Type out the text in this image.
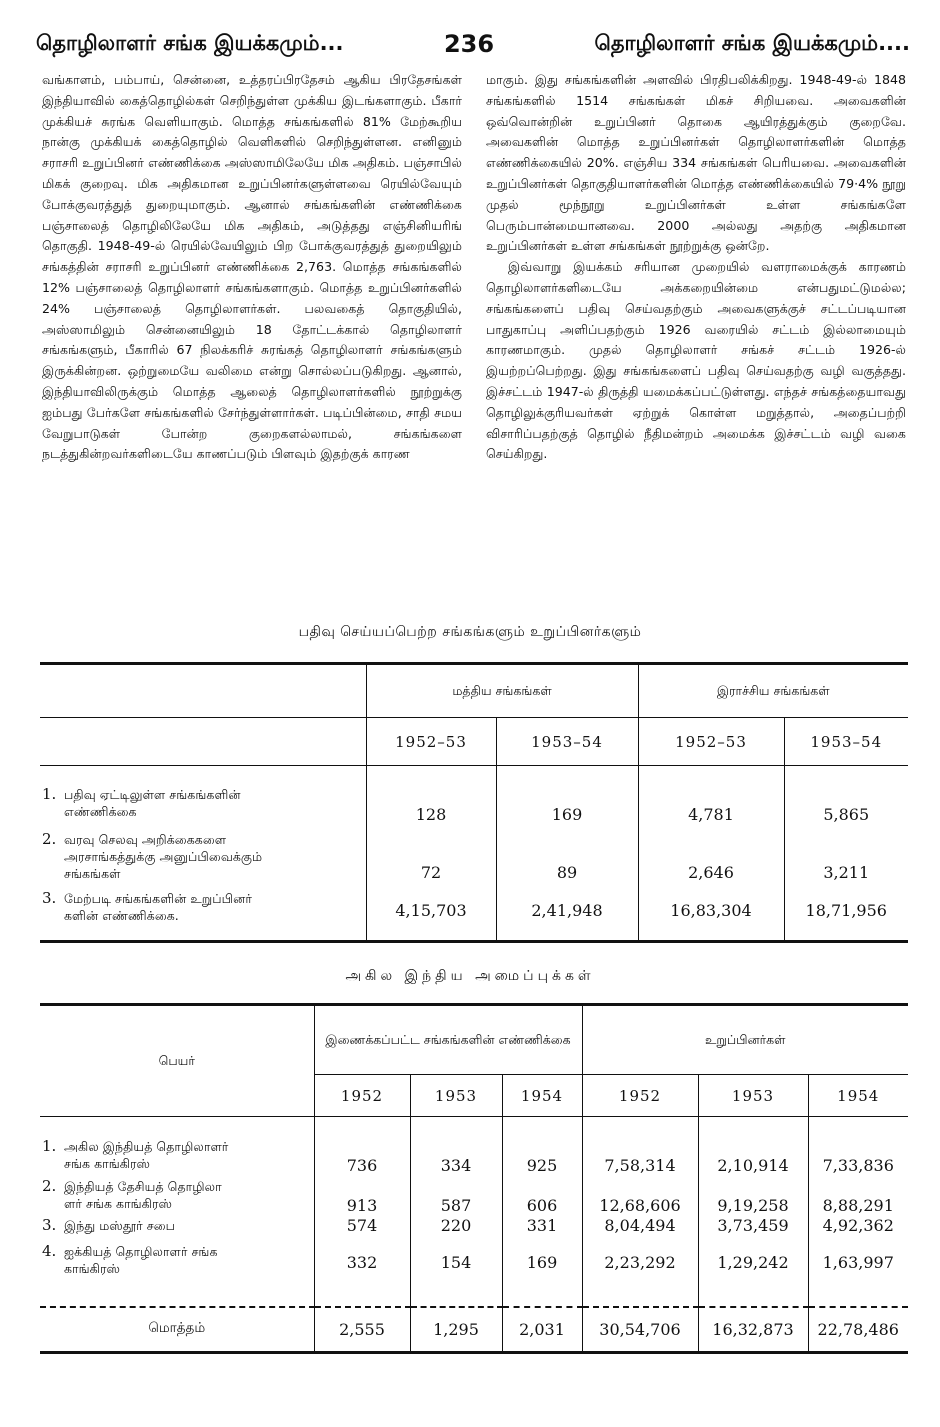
தொழிலாளர் சங்க இயக்கமும்...	236	தொழிலாளர் சங்க இயக்கமும்....

வங்காளம், பம்பாய், சென்னை, உத்தரப்பிரதேசம் ஆகிய பிரதேசங்கள் இந்தியாவில் கைத்தொழில்கள் செறிந்துள்ள முக்கிய இடங்களாகும். பீகார் முக்கியச் சுரங்க வெளியாகும். மொத்த சங்கங்களில் 81% மேற்கூறிய நான்கு முக்கியக் கைத்தொழில் வெளிகளில் செறிந்துள்ளன. எனினும் சராசரி உறுப்பினர் எண்ணிக்கை அஸ்ஸாமிலேயே மிக அதிகம். பஞ்சாபில் மிகக் குறைவு. மிக அதிகமான உறுப்பினர்களுள்ளவை ரெயில்வேயும் போக்குவரத்துத் துறையுமாகும். ஆனால் சங்கங்களின் எண்ணிக்கை பஞ்சாலைத் தொழிலிலேயே மிக அதிகம், அடுத்தது எஞ்சினியரிங் தொகுதி. 1948-49-ல் ரெயில்வேயிலும் பிற போக்குவரத்துத் துறையிலும் சங்கத்தின் சராசரி உறுப்பினர் எண்ணிக்கை 2,763. மொத்த சங்கங்களில் 12% பஞ்சாலைத் தொழிலாளர் சங்கங்களாகும். மொத்த உறுப்பினர்களில் 24% பஞ்சாலைத் தொழிலாளர்கள். பலவகைத் தொகுதியில், அஸ்ஸாமிலும் சென்னையிலும் 18 தோட்டக்கால் தொழிலாளர் சங்கங்களும், பீகாரில் 67 நிலக்கரிச் சுரங்கத் தொழிலாளர் சங்கங்களும் இருக்கின்றன. ஒற்றுமையே வலிமை என்று சொல்லப்படுகிறது. ஆனால், இந்தியாவிலிருக்கும் மொத்த ஆலைத் தொழிலாளர்களில் நூற்றுக்கு ஐம்பது பேர்களே சங்கங்களில் சேர்ந்துள்ளார்கள். படிப்பின்மை, சாதி சமய வேறுபாடுகள் போன்ற குறைகளல்லாமல், சங்கங்களை நடத்துகின்றவர்களிடையே காணப்படும் பிளவும் இதற்குக் காரண

மாகும். இது சங்கங்களின் அளவில் பிரதிபலிக்கிறது. 1948-49-ல் 1848 சங்கங்களில் 1514 சங்கங்கள் மிகச் சிறியவை. அவைகளின் ஒவ்வொன்றின் உறுப்பினர் தொகை ஆயிரத்துக்கும் குறைவே. அவைகளின் மொத்த உறுப்பினர்கள் தொழிலாளர்களின் மொத்த எண்ணிக்கையில் 20%. எஞ்சிய 334 சங்கங்கள் பெரியவை. அவைகளின் உறுப்பினர்கள் தொகுதியாளர்களின் மொத்த எண்ணிக்கையில் 79·4% நூறு முதல் மூந்நூறு உறுப்பினர்கள் உள்ள சங்கங்களே பெரும்பான்மையானவை. 2000 அல்லது அதற்கு அதிகமான உறுப்பினர்கள் உள்ள சங்கங்கள் நூற்றுக்கு ஒன்றே.

இவ்வாறு இயக்கம் சரியான முறையில் வளராமைக்குக் காரணம் தொழிலாளர்களிடையே அக்கறையின்மை என்பதுமட்டுமல்ல; சங்கங்களைப் பதிவு செய்வதற்கும் அவைகளுக்குச் சட்டப்படியான பாதுகாப்பு அளிப்பதற்கும் 1926 வரையில் சட்டம் இல்லாமையும் காரணமாகும். முதல் தொழிலாளர் சங்கச் சட்டம் 1926-ல் இயற்றப்பெற்றது. இது சங்கங்களைப் பதிவு செய்வதற்கு வழி வகுத்தது. இச்சட்டம் 1947-ல் திருத்தி யமைக்கப்பட்டுள்ளது. எந்தச் சங்கத்தையாவது தொழிலுக்குரியவர்கள் ஏற்றுக் கொள்ள மறுத்தால், அதைப்பற்றி விசாரிப்பதற்குத் தொழில் நீதிமன்றம் அமைக்க இச்சட்டம் வழி வகை செய்கிறது.

பதிவு செய்யப்பெற்ற சங்கங்களும் உறுப்பினர்களும்
	மத்திய சங்கங்கள்		இராச்சிய சங்கங்கள்	
	1952–53	1953–54	1952–53	1953–54

1. பதிவு ஏட்டிலுள்ள சங்கங்களின்
எண்ணிக்கை	128	169	4,781	5,865
2. வரவு செலவு அறிக்கைகளை
அரசாங்கத்துக்கு அனுப்பிவைக்கும்
சங்கங்கள்	72	89	2,646	3,211
3. மேற்படி சங்கங்களின் உறுப்பினர்
களின் எண்ணிக்கை.	4,15,703	2,41,948	16,83,304	18,71,956
அகில இந்திய அமைப்புக்கள்
பெயர்	இணைக்கப்பட்ட சங்கங்களின் எண்ணிக்கை			உறுப்பினர்கள்		
	1952	1953	1954	1952	1953	1954

1. அகில இந்தியத் தொழிலாளர்
சங்க காங்கிரஸ்	736	334	925	7,58,314	2,10,914	7,33,836
2. இந்தியத் தேசியத் தொழிலா
ளர் சங்க காங்கிரஸ்	913	587	606	12,68,606	9,19,258	8,88,291
3. இந்து மஸ்தூர் சபை	574	220	331	8,04,494	3,73,459	4,92,362
4. ஐக்கியத் தொழிலாளர் சங்க
காங்கிரஸ்	332	154	169	2,23,292	1,29,242	1,63,997

மொத்தம்	2,555	1,295	2,031	30,54,706	16,32,873	22,78,486
